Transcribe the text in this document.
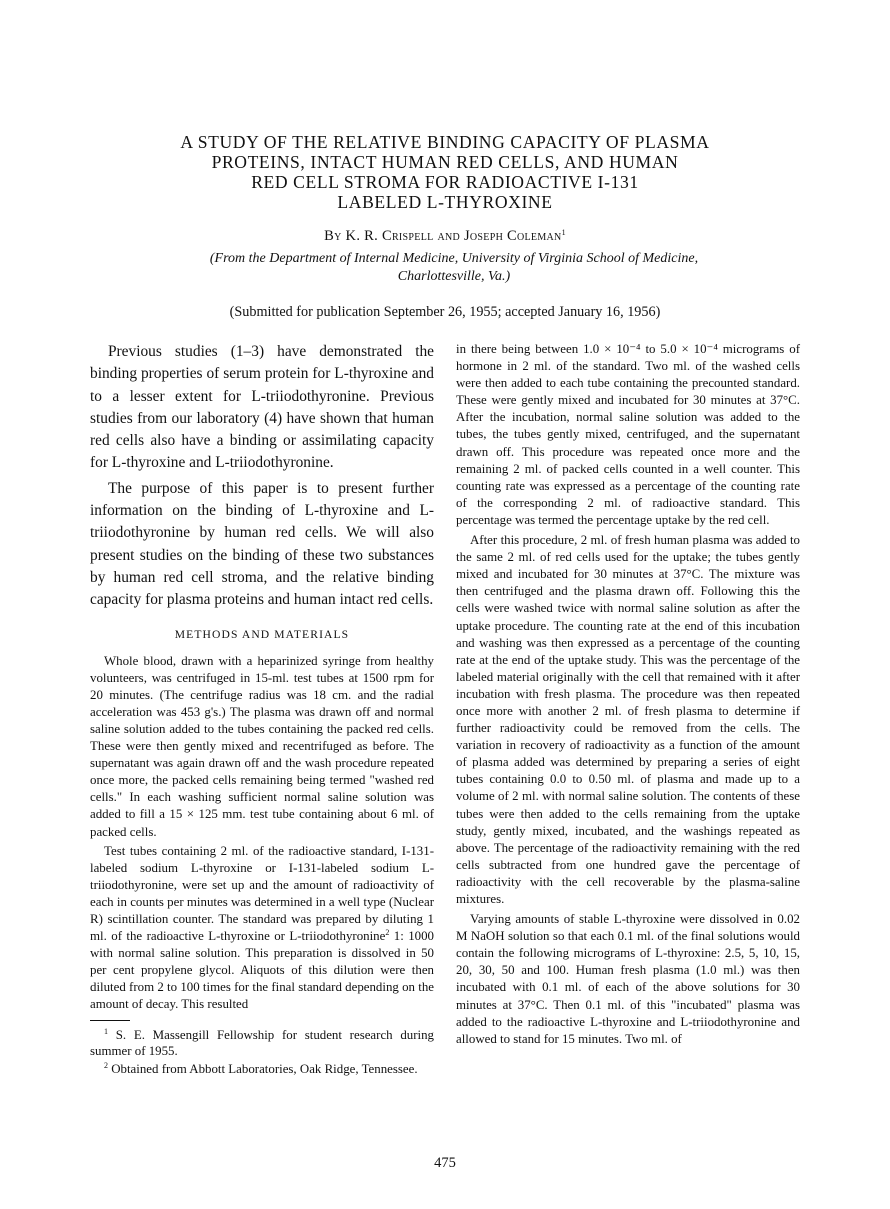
A STUDY OF THE RELATIVE BINDING CAPACITY OF PLASMA

PROTEINS, INTACT HUMAN RED CELLS, AND HUMAN

RED CELL STROMA FOR RADIOACTIVE I-131

LABELED L-THYROXINE

By K. R. Crispell and Joseph Coleman$^1$
(From the Department of Internal Medicine, University of Virginia School of Medicine,
Charlottesville, Va.)
(Submitted for publication September 26, 1955; accepted January 16, 1956)

Previous studies (1–3) have demonstrated the binding properties of serum protein for L-thyroxine and to a lesser extent for L-triiodothyronine. Previous studies from our laboratory (4) have shown that human red cells also have a binding or assimilating capacity for L-thyroxine and L-triiodothyronine.

The purpose of this paper is to present further information on the binding of L-thyroxine and L-triiodothyronine by human red cells. We will also present studies on the binding of these two substances by human red cell stroma, and the relative binding capacity for plasma proteins and human intact red cells.

METHODS AND MATERIALS

Whole blood, drawn with a heparinized syringe from healthy volunteers, was centrifuged in 15-ml. test tubes at 1500 rpm for 20 minutes. (The centrifuge radius was 18 cm. and the radial acceleration was 453 g's.) The plasma was drawn off and normal saline solution added to the tubes containing the packed red cells. These were then gently mixed and recentrifuged as before. The supernatant was again drawn off and the wash procedure repeated once more, the packed cells remaining being termed "washed red cells." In each washing sufficient normal saline solution was added to fill a 15 × 125 mm. test tube containing about 6 ml. of packed cells.

Test tubes containing 2 ml. of the radioactive standard, I-131-labeled sodium L-thyroxine or I-131-labeled sodium L-triiodothyronine, were set up and the amount of radioactivity of each in counts per minutes was determined in a well type (Nuclear R) scintillation counter. The standard was prepared by diluting 1 ml. of the radioactive L-thyroxine or L-triiodothyronine$^2$ 1: 1000 with normal saline solution. This preparation is dissolved in 50 per cent propylene glycol. Aliquots of this dilution were then diluted from 2 to 100 times for the final standard depending on the amount of decay. This resulted

$^1$ S. E. Massengill Fellowship for student research during summer of 1955.

$^2$ Obtained from Abbott Laboratories, Oak Ridge, Tennessee.

in there being between 1.0 × 10⁻⁴ to 5.0 × 10⁻⁴ micrograms of hormone in 2 ml. of the standard. Two ml. of the washed cells were then added to each tube containing the precounted standard. These were gently mixed and incubated for 30 minutes at 37°C. After the incubation, normal saline solution was added to the tubes, the tubes gently mixed, centrifuged, and the supernatant drawn off. This procedure was repeated once more and the remaining 2 ml. of packed cells counted in a well counter. This counting rate was expressed as a percentage of the counting rate of the corresponding 2 ml. of radioactive standard. This percentage was termed the percentage uptake by the red cell.

After this procedure, 2 ml. of fresh human plasma was added to the same 2 ml. of red cells used for the uptake; the tubes gently mixed and incubated for 30 minutes at 37°C. The mixture was then centrifuged and the plasma drawn off. Following this the cells were washed twice with normal saline solution as after the uptake procedure. The counting rate at the end of this incubation and washing was then expressed as a percentage of the counting rate at the end of the uptake study. This was the percentage of the labeled material originally with the cell that remained with it after incubation with fresh plasma. The procedure was then repeated once more with another 2 ml. of fresh plasma to determine if further radioactivity could be removed from the cells. The variation in recovery of radioactivity as a function of the amount of plasma added was determined by preparing a series of eight tubes containing 0.0 to 0.50 ml. of plasma and made up to a volume of 2 ml. with normal saline solution. The contents of these tubes were then added to the cells remaining from the uptake study, gently mixed, incubated, and the washings repeated as above. The percentage of the radioactivity remaining with the red cells subtracted from one hundred gave the percentage of radioactivity with the cell recoverable by the plasma-saline mixtures.

Varying amounts of stable L-thyroxine were dissolved in 0.02 M NaOH solution so that each 0.1 ml. of the final solutions would contain the following micrograms of L-thyroxine: 2.5, 5, 10, 15, 20, 30, 50 and 100. Human fresh plasma (1.0 ml.) was then incubated with 0.1 ml. of each of the above solutions for 30 minutes at 37°C. Then 0.1 ml. of this "incubated" plasma was added to the radioactive L-thyroxine and L-triiodothyronine and allowed to stand for 15 minutes. Two ml. of

475
